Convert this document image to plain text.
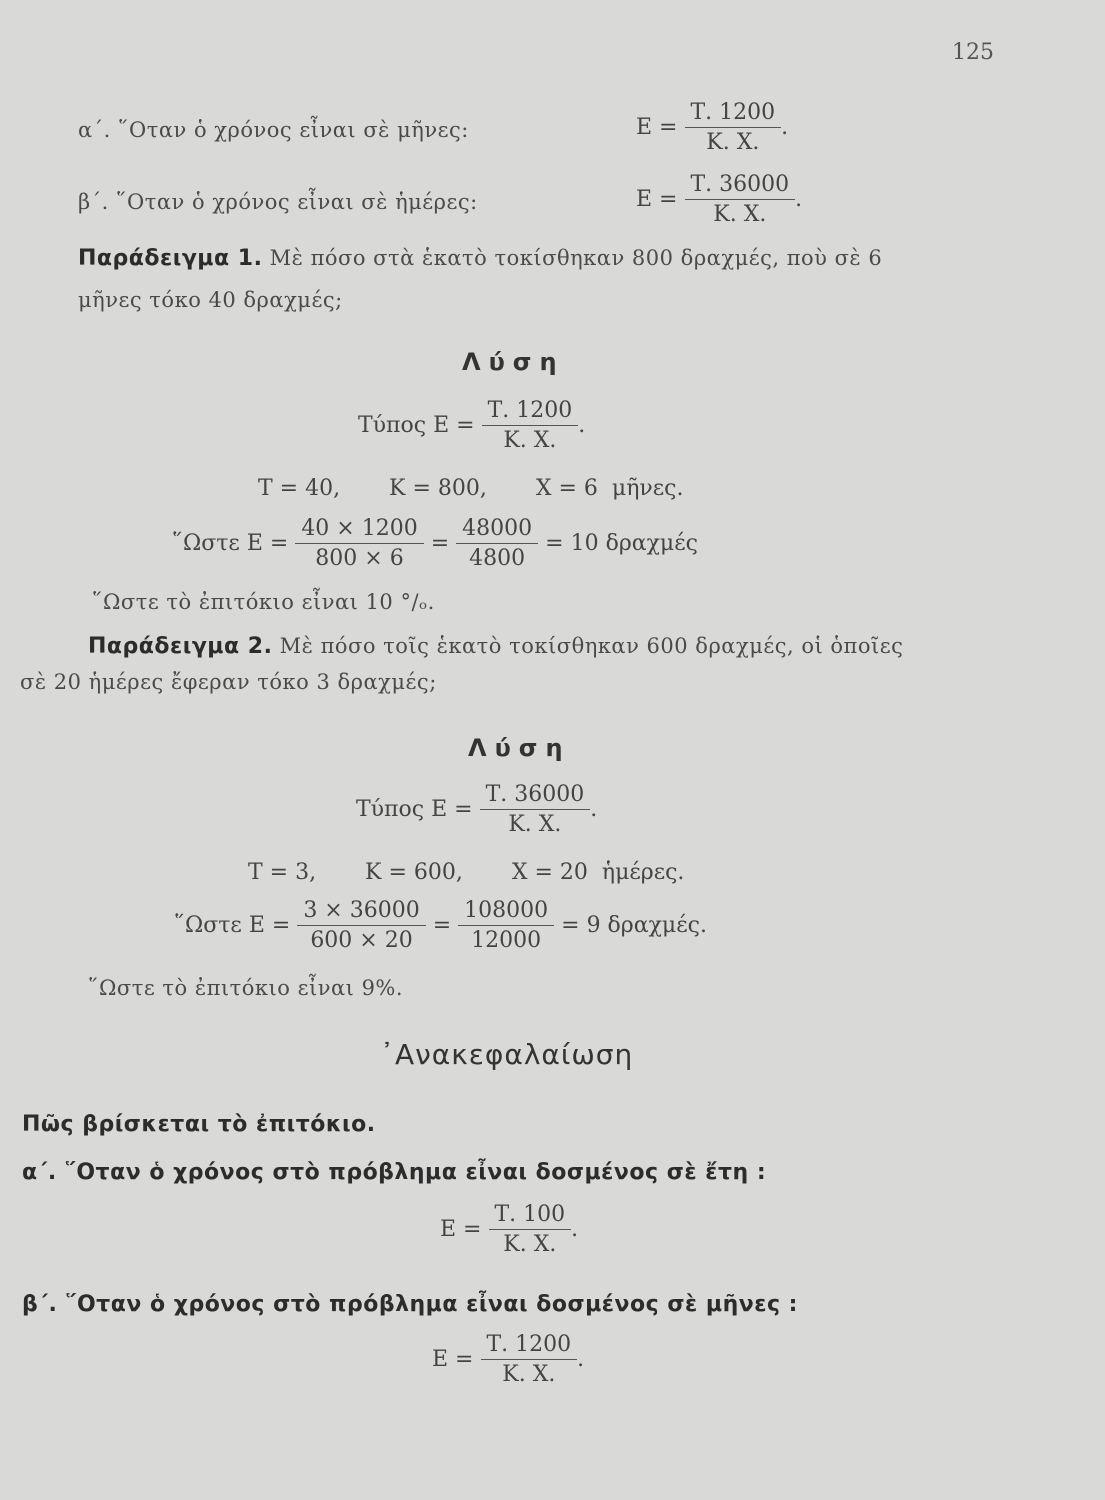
125
α΄. ῞Οταν ὁ χρόνος εἶναι σὲ μῆνες:	$E = \frac{T. 1200}{K. X.}$ .
β΄. ῞Οταν ὁ χρόνος εἶναι σὲ ἡμέρες:	$E = \frac{T. 36000}{K. X.}$ .
Παράδειγμα 1. Μὲ πόσο στὰ ἑκατὸ τοκίσθηκαν 800 δραχμές, ποὺ σὲ 6
μῆνες τόκο 40 δραχμές;
Λύση
Τύπος $E = \frac{T. 1200}{K. X.}$ .
Τ = 40,       Κ = 800,       Χ = 6  μῆνες.
῞Ωστε $E = \frac{40 \times 1200}{800 \times 6} = \frac{48000}{4800} = 10$ δραχμές
῞Ωστε τὸ ἐπιτόκιο εἶναι 10 °/ₒ.
Παράδειγμα 2. Μὲ πόσο τοῖς ἑκατὸ τοκίσθηκαν 600 δραχμές, οἱ ὁποῖες
σὲ 20 ἡμέρες ἔφεραν τόκο 3 δραχμές;
Λύση
Τύπος $E = \frac{T. 36000}{K. X.}$ .
Τ = 3,       Κ = 600,       Χ = 20  ἡμέρες.
῞Ωστε $E = \frac{3 \times 36000}{600 \times 20} = \frac{108000}{12000} = 9$ δραχμές.
῞Ωστε τὸ ἐπιτόκιο εἶναι 9%.
᾿Ανακεφαλαίωση
Πῶς βρίσκεται τὸ ἐπιτόκιο.
α΄. ῞Οταν ὁ χρόνος στὸ πρόβλημα εἶναι δοσμένος σὲ ἔτη :
$E = \frac{T. 100}{K. X.}$ .
β΄. ῞Οταν ὁ χρόνος στὸ πρόβλημα εἶναι δοσμένος σὲ μῆνες :
$E = \frac{T. 1200}{K. X.}$ .
